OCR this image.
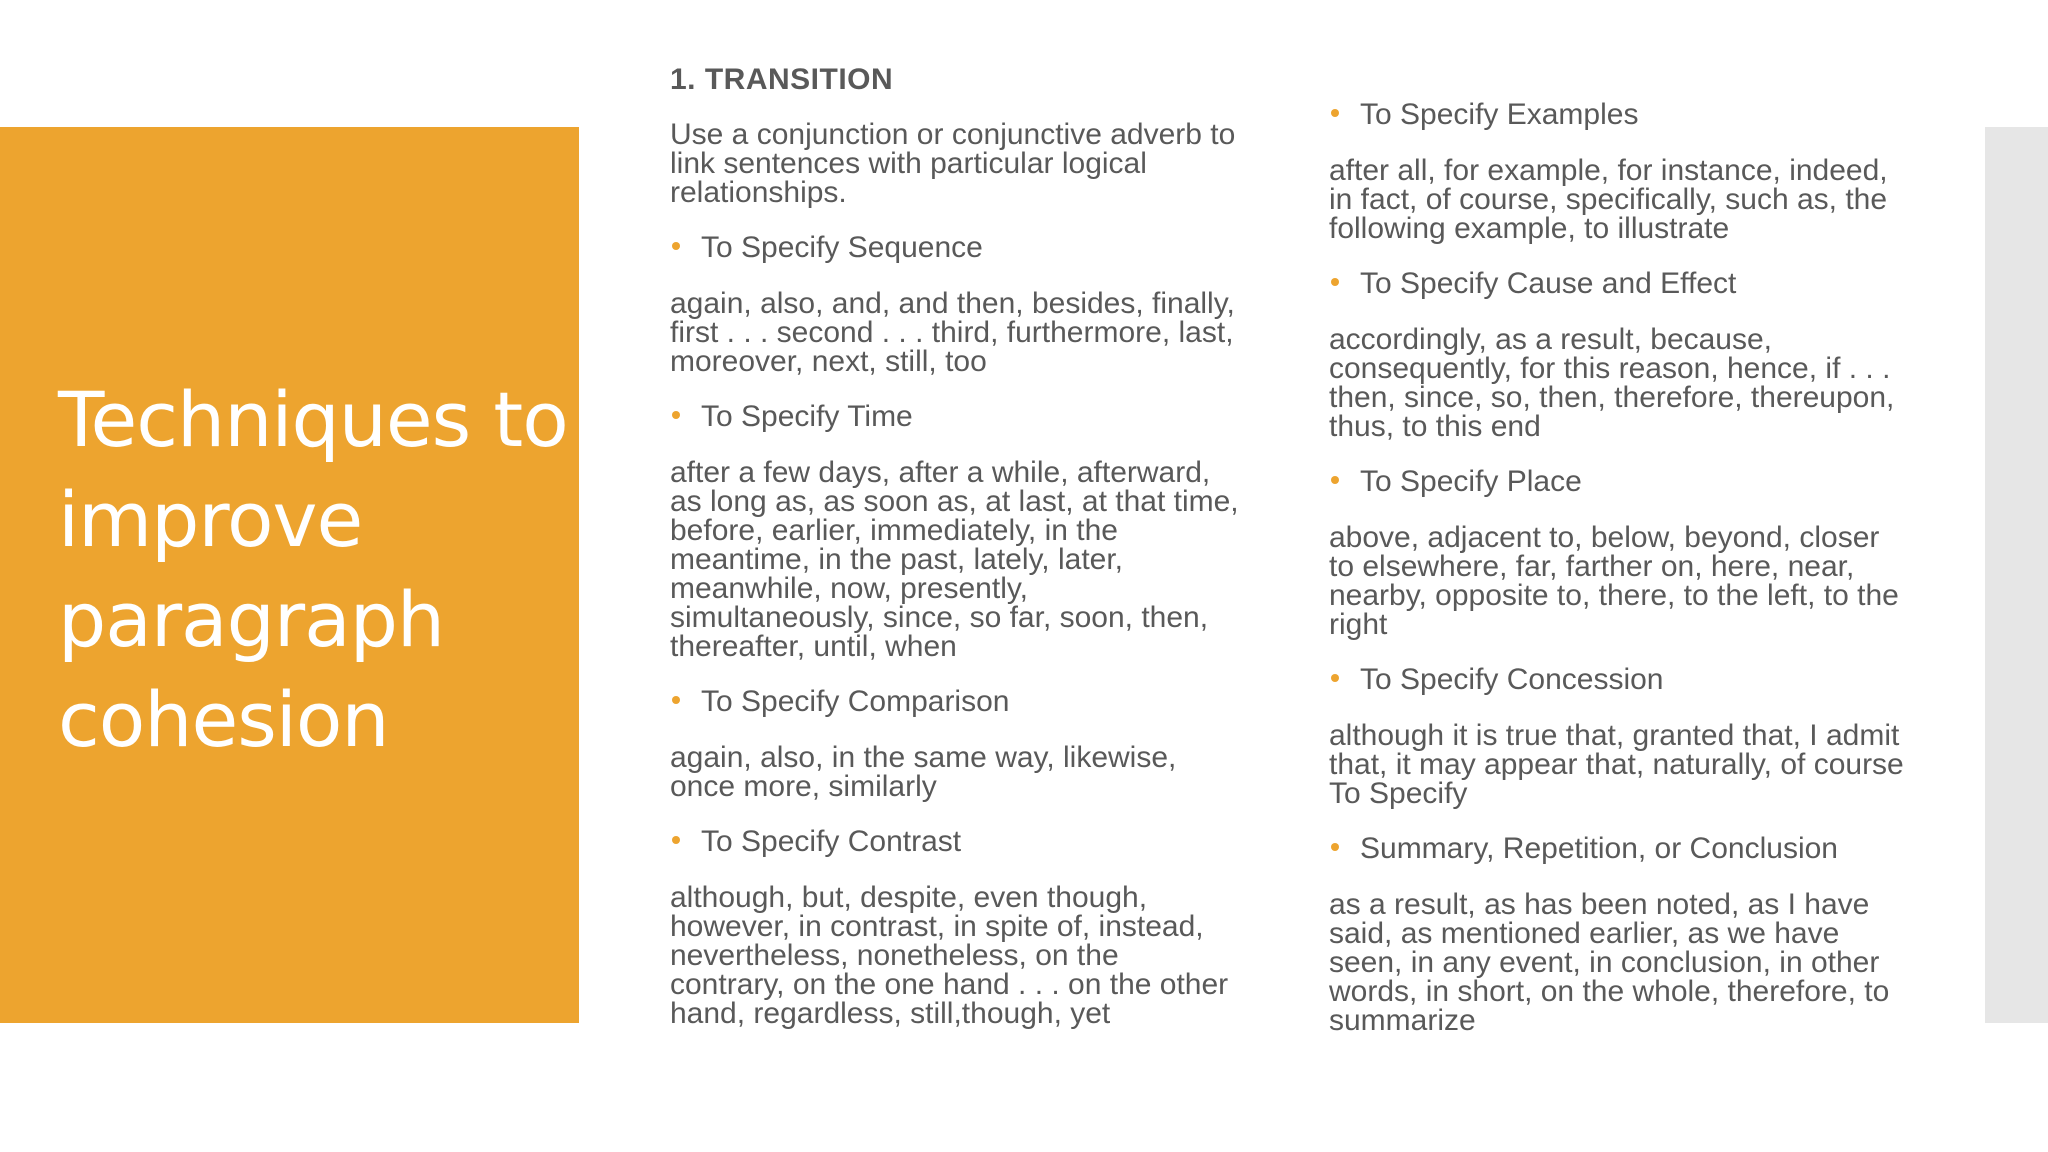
Techniques to improve paragraph cohesion

1. TRANSITION

Use a conjunction or conjunctive adverb to link sentences with particular logical relationships.

To Specify Sequence

again, also, and, and then, besides, finally, first . . . second . . . third, furthermore, last, moreover, next, still, too

To Specify Time

after a few days, after a while, afterward, as long as, as soon as, at last, at that time, before, earlier, immediately, in the meantime, in the past, lately, later, meanwhile, now, presently, simultaneously, since, so far, soon, then, thereafter, until, when

To Specify Comparison

again, also, in the same way, likewise, once more, similarly

To Specify Contrast

although, but, despite, even though, however, in contrast, in spite of, instead, nevertheless, nonetheless, on the contrary, on the one hand . . . on the other hand, regardless, still,though, yet

To Specify Examples

after all, for example, for instance, indeed, in fact, of course, specifically, such as, the following example, to illustrate

To Specify Cause and Effect

accordingly, as a result, because, consequently, for this reason, hence, if . . . then, since, so, then, therefore, thereupon, thus, to this end

To Specify Place

above, adjacent to, below, beyond, closer to elsewhere, far, farther on, here, near, nearby, opposite to, there, to the left, to the right

To Specify Concession

although it is true that, granted that, I admit that, it may appear that, naturally, of course To Specify

Summary, Repetition, or Conclusion

as a result, as has been noted, as I have said, as mentioned earlier, as we have seen, in any event, in conclusion, in other words, in short, on the whole, therefore, to summarize
